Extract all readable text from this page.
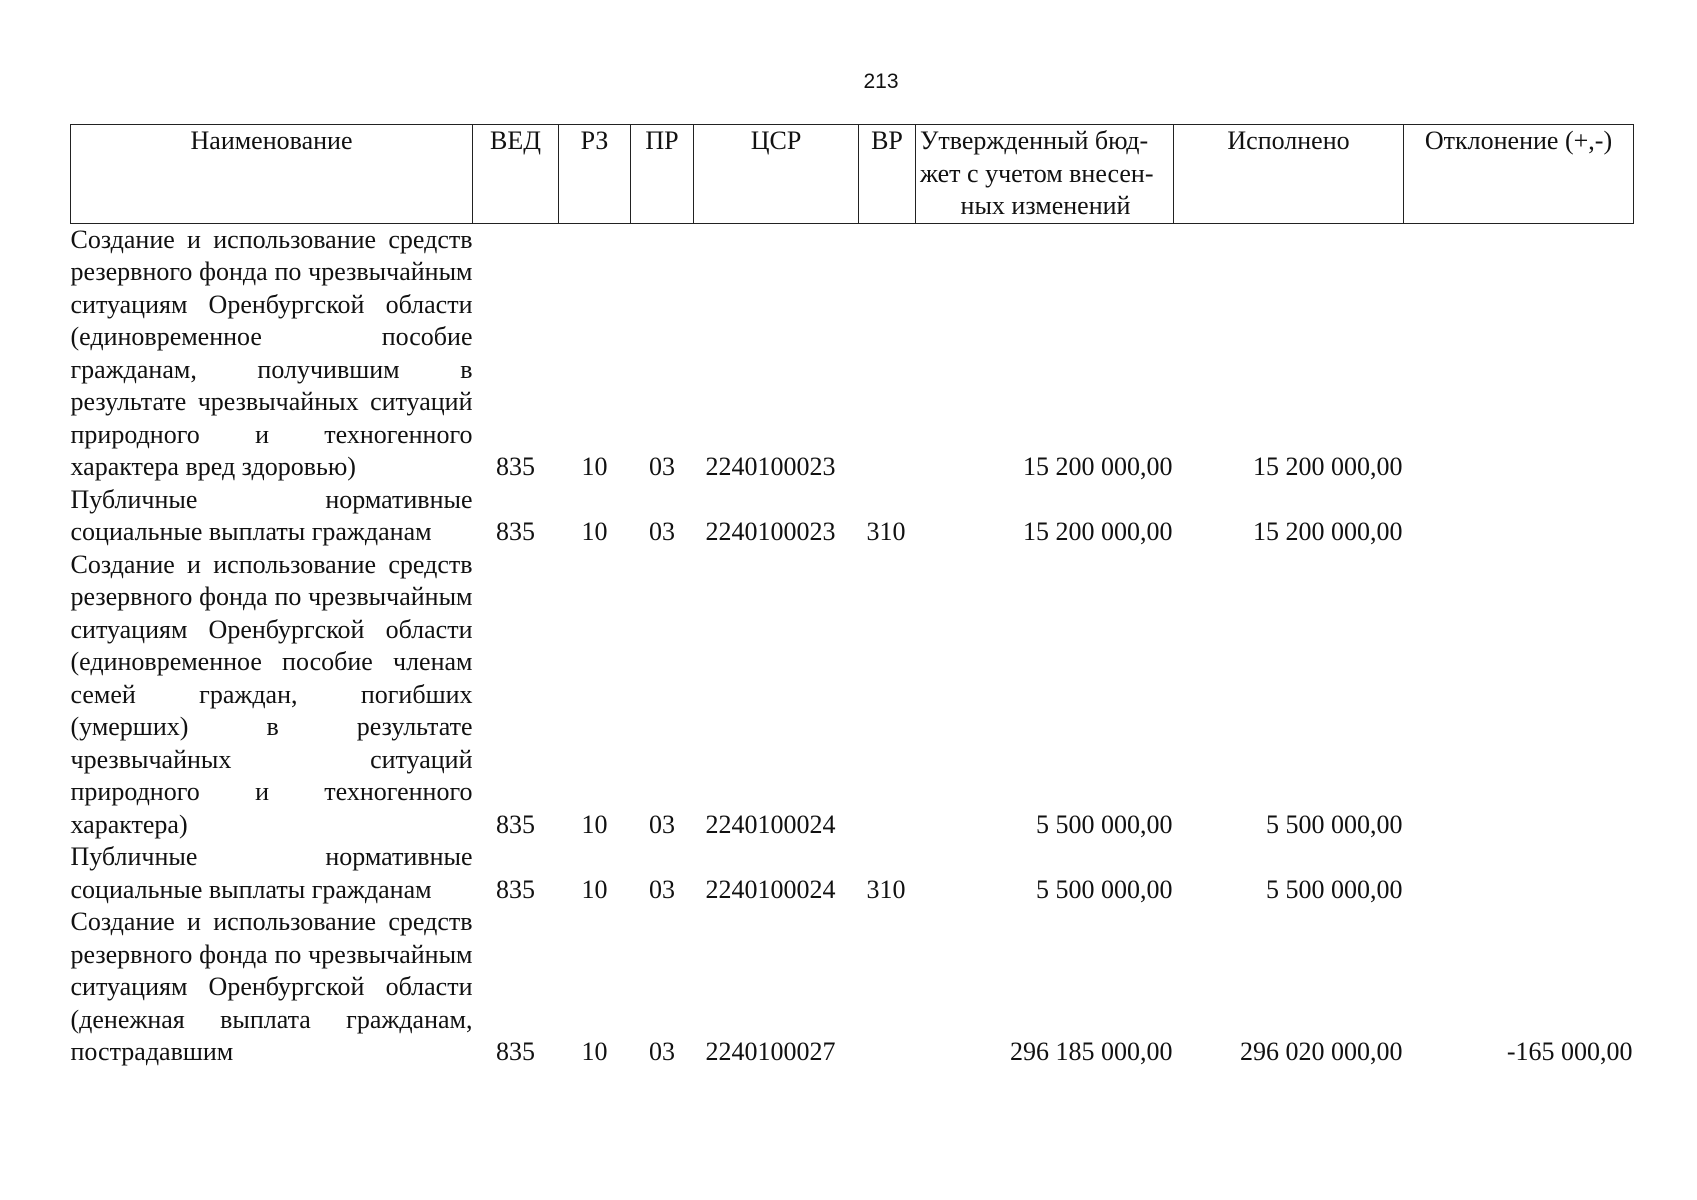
213
Наименование	ВЕД	РЗ	ПР	ЦСР	ВР	Утвержденный бюд-
жет с учетом внесен-

ных изменений	Исполнено	Отклонение (+,-)
Создание и использование средств резервного фонда по чрезвычайным ситуациям Оренбургской области (единовременное пособие гражданам, получившим в результате чрезвычайных ситуаций природного и техногенного характера вред здоровью)	835	10	03	2240100023		15 200 000,00	15 200 000,00	
Публичные нормативные социальные выплаты гражданам	835	10	03	2240100023	310	15 200 000,00	15 200 000,00	
Создание и использование средств резервного фонда по чрезвычайным ситуациям Оренбургской области (единовременное пособие членам семей граждан, погибших (умерших) в результате чрезвычайных ситуаций природного и техногенного характера)	835	10	03	2240100024		5 500 000,00	5 500 000,00	
Публичные нормативные социальные выплаты гражданам	835	10	03	2240100024	310	5 500 000,00	5 500 000,00	
Создание и использование средств резервного фонда по чрезвычайным ситуациям Оренбургской области (денежная выплата гражданам, пострадавшим	835	10	03	2240100027		296 185 000,00	296 020 000,00	-165 000,00
